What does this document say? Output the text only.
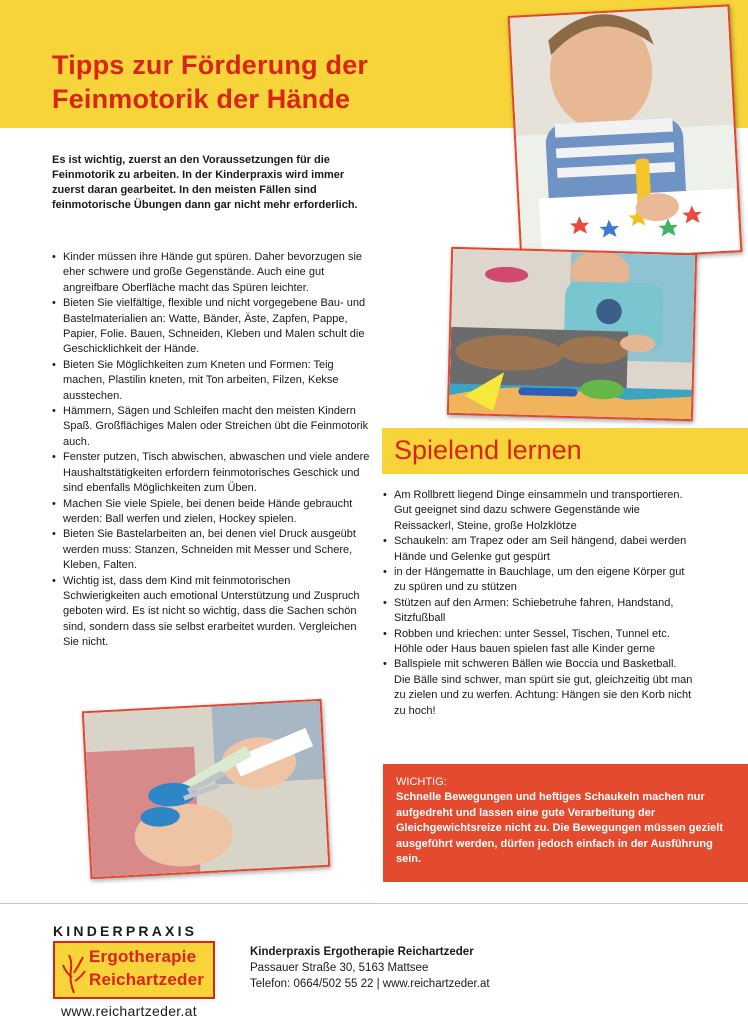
Tipps zur Förderung der
Feinmotorik der Hände
Es ist wichtig, zuerst an den Voraussetzungen für die Feinmotorik zu arbeiten. In der Kinderpraxis wird immer zuerst daran gearbeitet. In den meisten Fällen sind feinmotorische Übungen dann gar nicht mehr erforderlich.
• Kinder müssen ihre Hände gut spüren. Daher bevorzugen sie eher schwere und große Gegenstände. Auch eine gut angreifbare Oberfläche macht das Spüren leichter.
• Bieten Sie vielfältige, flexible und nicht vorgegebene Bau- und Bastelmaterialien an: Watte, Bänder, Äste, Zapfen, Pappe, Papier, Folie. Bauen, Schneiden, Kleben und Malen schult die Geschicklichkeit der Hände.
• Bieten Sie Möglichkeiten zum Kneten und Formen: Teig machen, Plastilin kneten, mit Ton arbeiten, Filzen, Kekse ausstechen.
• Hämmern, Sägen und Schleifen macht den meisten Kindern Spaß. Großflächiges Malen oder Streichen übt die Feinmotorik auch.
• Fenster putzen, Tisch abwischen, abwaschen und viele andere Haushaltstätigkeiten erfordern feinmotorisches Geschick und sind ebenfalls Möglichkeiten zum Üben.
• Machen Sie viele Spiele, bei denen beide Hände gebraucht werden: Ball werfen und zielen, Hockey spielen.
• Bieten Sie Bastelarbeiten an, bei denen viel Druck ausgeübt werden muss: Stanzen, Schneiden mit Messer und Schere, Kleben, Falten.
• Wichtig ist, dass dem Kind mit feinmotorischen Schwierigkeiten auch emotional Unterstützung und Zuspruch geboten wird. Es ist nicht so wichtig, dass die Sachen schön sind, sondern dass sie selbst erarbeitet wurden. Vergleichen Sie nicht.
Spielend lernen
• Am Rollbrett liegend Dinge einsammeln und transportieren. Gut geeignet sind dazu schwere Gegenstände wie Reissackerl, Steine, große Holzklötze
• Schaukeln: am Trapez oder am Seil hängend, dabei werden Hände und Gelenke gut gespürt
• in der Hängematte in Bauchlage, um den eigene Körper gut zu spüren und zu stützen
• Stützen auf den Armen: Schiebetruhe fahren, Handstand, Sitzfußball
• Robben und kriechen: unter Sessel, Tischen, Tunnel etc. Höhle oder Haus bauen spielen fast alle Kinder gerne
• Ballspiele mit schweren Bällen wie Boccia und Basketball. Die Bälle sind schwer, man spürt sie gut, gleichzeitig übt man zu zielen und zu werfen. Achtung: Hängen sie den Korb nicht zu hoch!
WICHTIG:
Schnelle Bewegungen und heftiges Schaukeln machen nur aufgedreht und lassen eine gute Verarbeitung der Gleichgewichtsreize nicht zu. Die Bewegungen müssen gezielt ausgeführt werden, dürfen jedoch einfach in der Ausführung sein.
KINDERPRAXIS
Ergotherapie
Reichartzeder
www.reichartzeder.at
Kinderpraxis Ergotherapie Reichartzeder
Passauer Straße 30, 5163 Mattsee
Telefon: 0664/502 55 22 | www.reichartzeder.at
